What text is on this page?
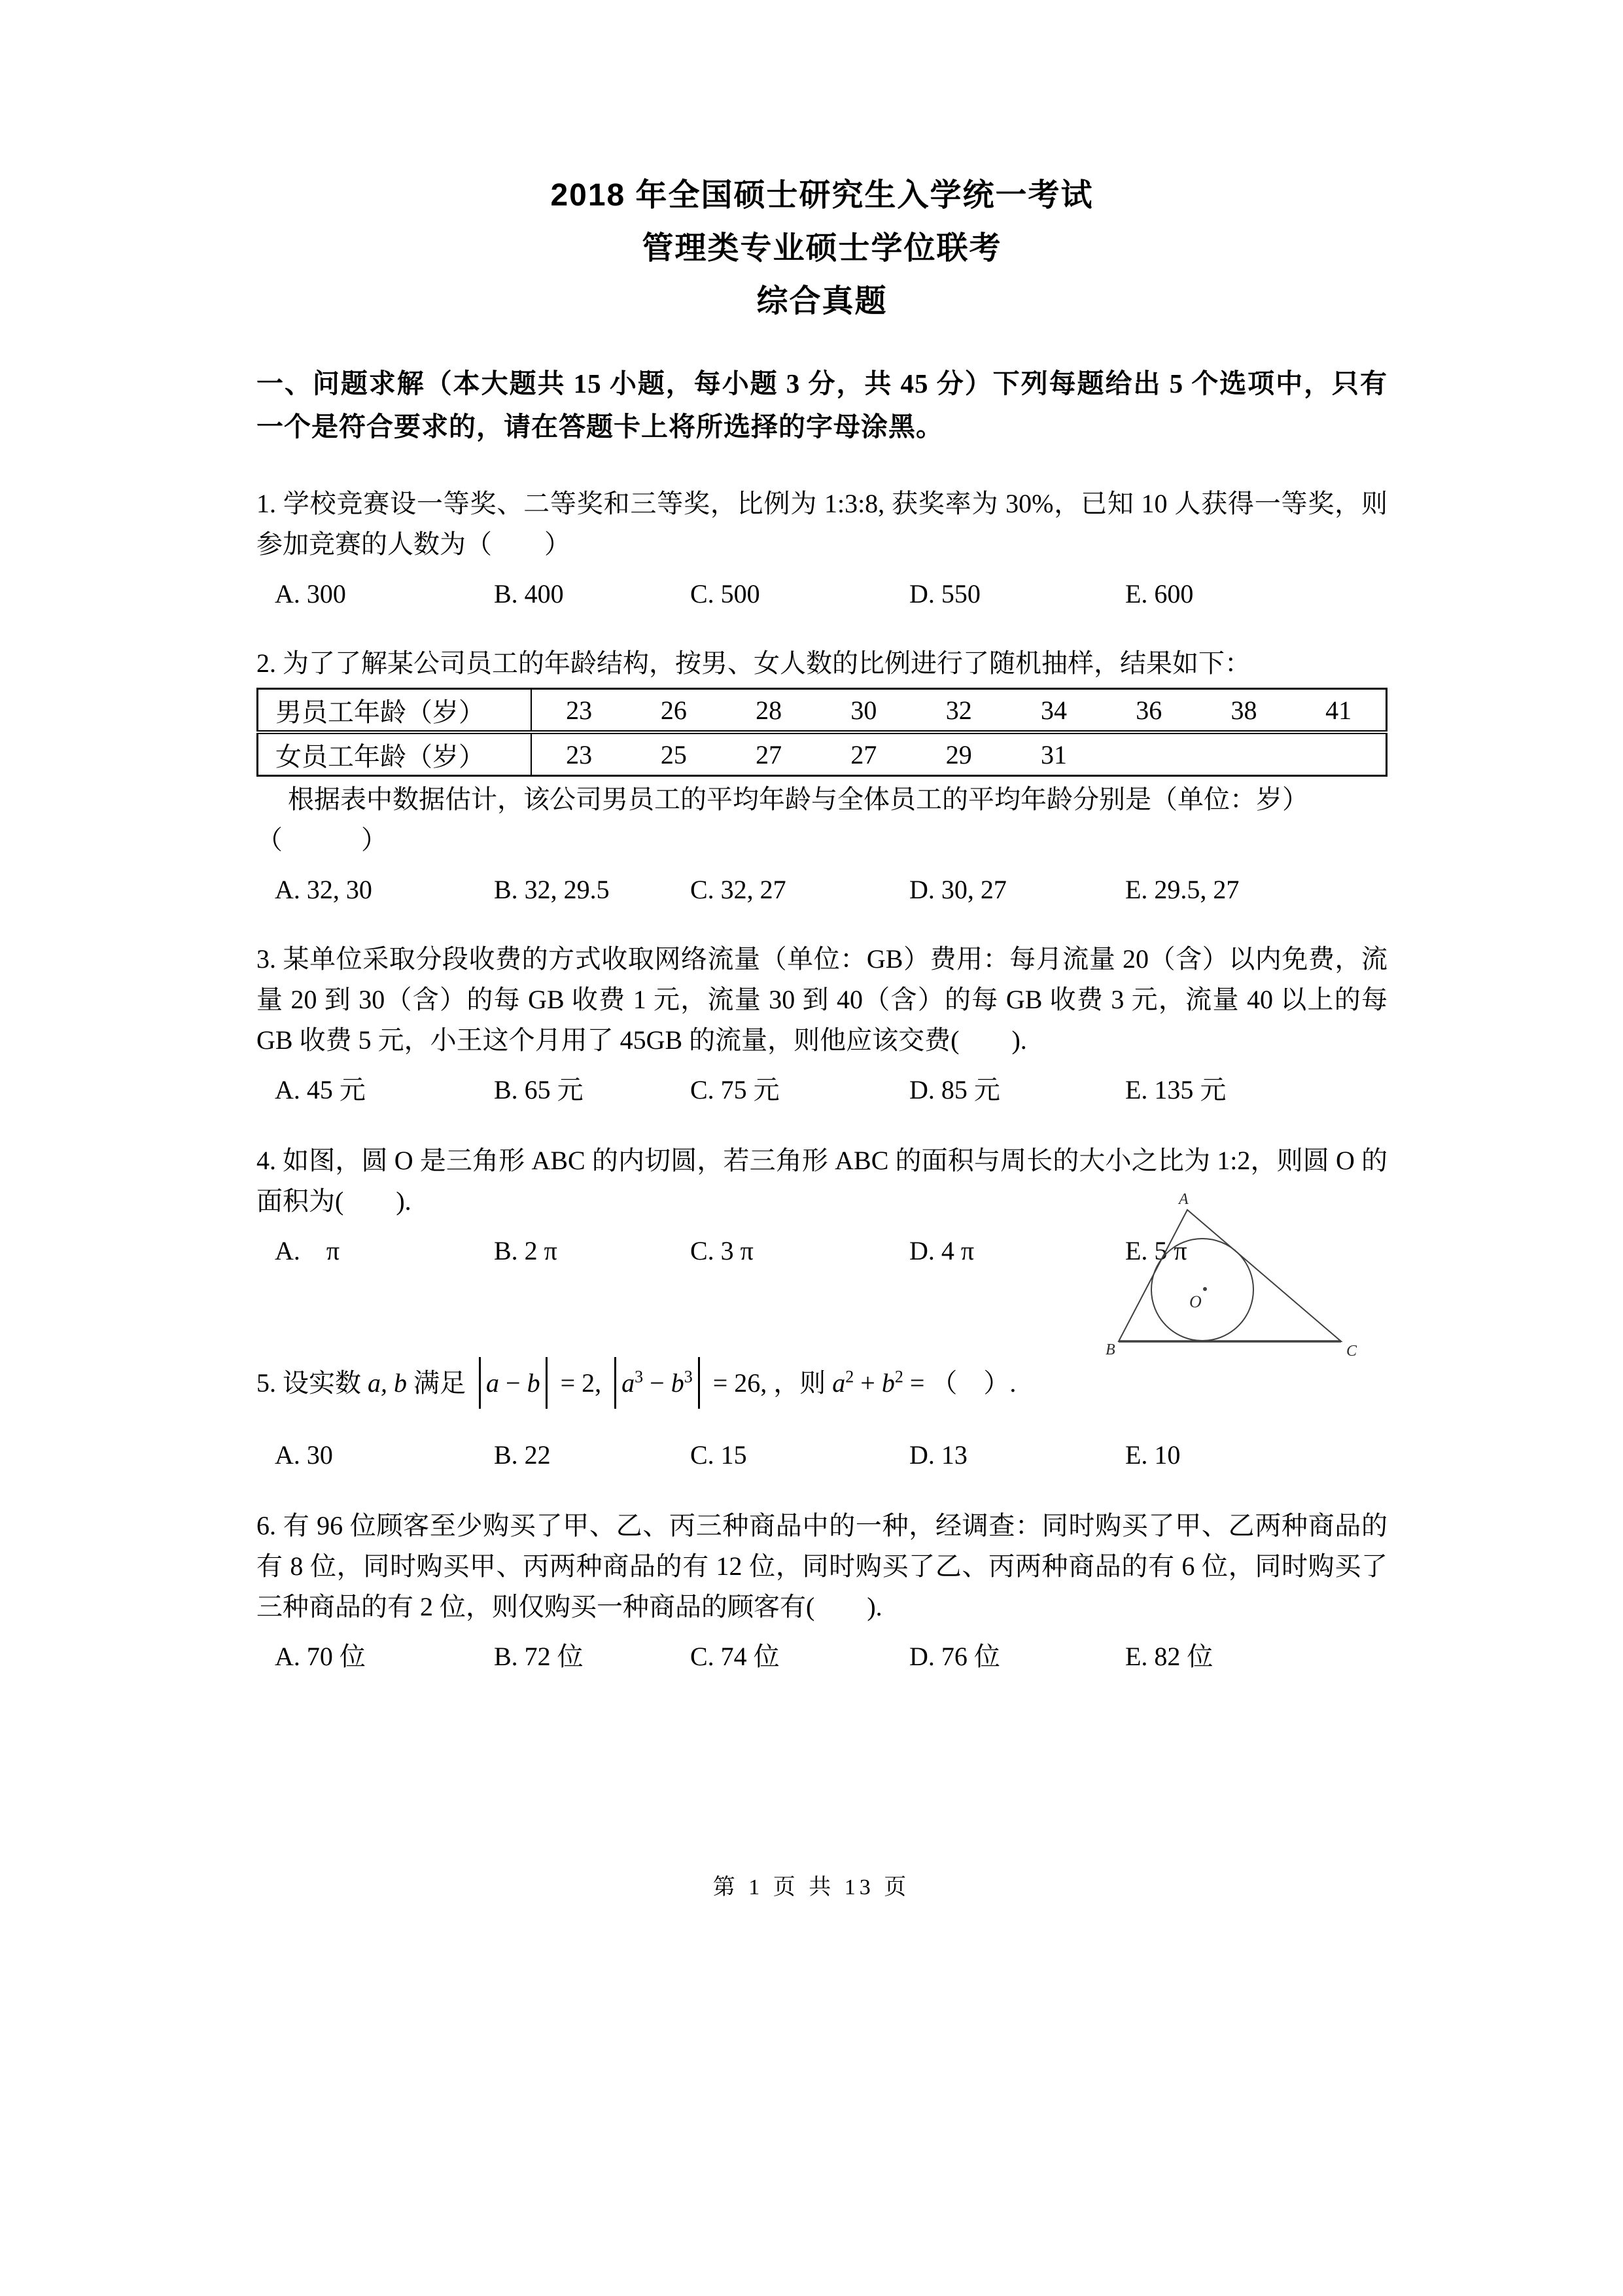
2018 年全国硕士研究生入学统一考试
管理类专业硕士学位联考
综合真题

一、问题求解（本大题共 15 小题，每小题 3 分，共 45 分）下列每题给出 5 个选项中，只有一个是符合要求的，请在答题卡上将所选择的字母涂黑。

1. 学校竞赛设一等奖、二等奖和三等奖，比例为 1:3:8, 获奖率为 30%，已知 10 人获得一等奖，则参加竞赛的人数为（　　）

A. 300	B. 400	C. 500	D. 550	E. 600

2. 为了了解某公司员工的年龄结构，按男、女人数的比例进行了随机抽样，结果如下：

男员工年龄（岁）	23	26	28	30	32	34	36	38	41
女员工年龄（岁）	23	25	27	27	29	31			

根据表中数据估计，该公司男员工的平均年龄与全体员工的平均年龄分别是（单位：岁）

（　　　）

A. 32, 30	B. 32, 29.5	C. 32, 27	D. 30, 27	E. 29.5, 27

3. 某单位采取分段收费的方式收取网络流量（单位：GB）费用：每月流量 20（含）以内免费，流量 20 到 30（含）的每 GB 收费 1 元，流量 30 到 40（含）的每 GB 收费 3 元，流量 40 以上的每 GB 收费 5 元，小王这个月用了 45GB 的流量，则他应该交费(　　).

A. 45 元	B. 65 元	C. 75 元	D. 85 元	E. 135 元

4. 如图，圆 O 是三角形 ABC 的内切圆，若三角形 ABC 的面积与周长的大小之比为 1:2，则圆 O 的面积为(　　).

A.　π	B. 2 π	C. 3 π	D. 4 π	E. 5 π
5. 设实数 a, b 满足 a − b = 2, $a^3 - b^3 = 26$, ，则 $a^2 + b^2$ = （　）.
A. 30	B. 22	C. 15	D. 13	E. 10

6. 有 96 位顾客至少购买了甲、乙、丙三种商品中的一种，经调查：同时购买了甲、乙两种商品的有 8 位，同时购买甲、丙两种商品的有 12 位，同时购买了乙、丙两种商品的有 6 位，同时购买了三种商品的有 2 位，则仅购买一种商品的顾客有(　　).

A. 70 位	B. 72 位	C. 74 位	D. 76 位	E. 82 位
A
B	C
O
第 1 页 共 13 页
